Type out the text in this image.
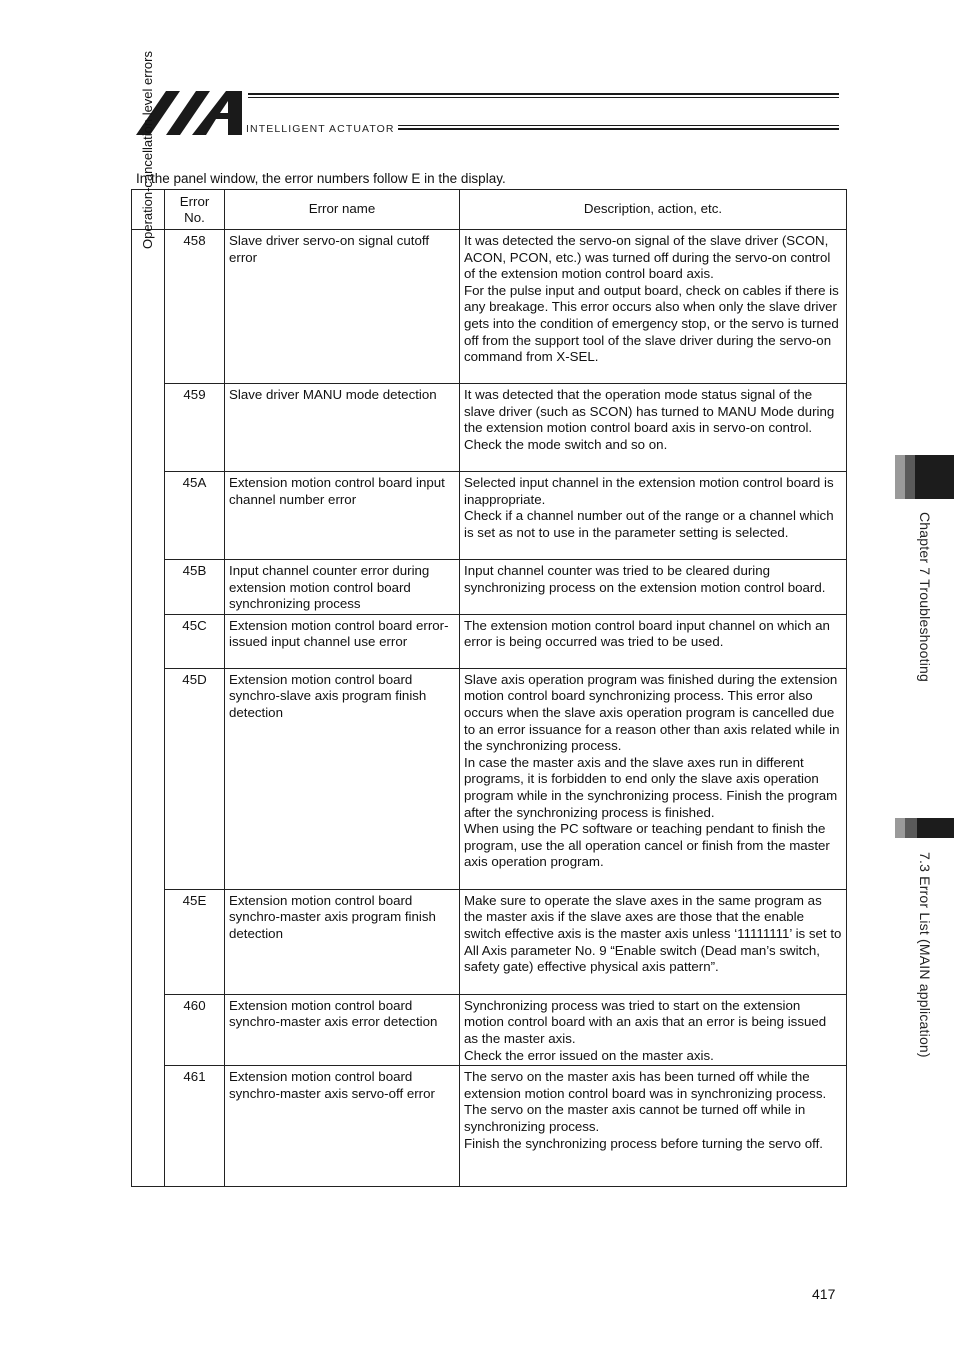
INTELLIGENT ACTUATOR
In the panel window, the error numbers follow E in the display.
	Error
No.	Error name	Description, action, etc.

Operation-cancellation level errors	458	Slave driver servo-on signal cutoff error	It was detected the servo-on signal of the slave driver (SCON, ACON, PCON, etc.) was turned off during the servo-on control of the extension motion control board axis.
For the pulse input and output board, check on cables if there is any breakage. This error occurs also when only the slave driver gets into the condition of emergency stop, or the servo is turned off from the support tool of the slave driver during the servo-on command from X-SEL.
	459	Slave driver MANU mode detection	It was detected that the operation mode status signal of the slave driver (such as SCON) has turned to MANU Mode during the extension motion control board axis in servo-on control.
Check the mode switch and so on.
	45A	Extension motion control board input channel number error	Selected input channel in the extension motion control board is inappropriate.
Check if a channel number out of the range or a channel which is set as not to use in the parameter setting is selected.
	45B	Input channel counter error during extension motion control board synchronizing process	Input channel counter was tried to be cleared during synchronizing process on the extension motion control board.
	45C	Extension motion control board error-issued input channel use error	The extension motion control board input channel on which an error is being occurred was tried to be used.
	45D	Extension motion control board synchro-slave axis program finish detection	Slave axis operation program was finished during the extension motion control board synchronizing process. This error also occurs when the slave axis operation program is cancelled due to an error issuance for a reason other than axis related while in the synchronizing process.
In case the master axis and the slave axes run in different programs, it is forbidden to end only the slave axis operation program while in the synchronizing process. Finish the program after the synchronizing process is finished.
When using the PC software or teaching pendant to finish the program, use the all operation cancel or finish from the master axis operation program.
	45E	Extension motion control board synchro-master axis program finish detection	Make sure to operate the slave axes in the same program as the master axis if the slave axes are those that the enable switch effective axis is the master axis unless ‘11111111’ is set to All Axis parameter No. 9 “Enable switch (Dead man’s switch, safety gate) effective physical axis pattern”.
	460	Extension motion control board synchro-master axis error detection	Synchronizing process was tried to start on the extension motion control board with an axis that an error is being issued as the master axis.
Check the error issued on the master axis.
	461	Extension motion control board synchro-master axis servo-off error	The servo on the master axis has been turned off while the extension motion control board was in synchronizing process.
The servo on the master axis cannot be turned off while in synchronizing process.
Finish the synchronizing process before turning the servo off.
Chapter 7 Troubleshooting
7.3 Error List (MAIN application)
417
